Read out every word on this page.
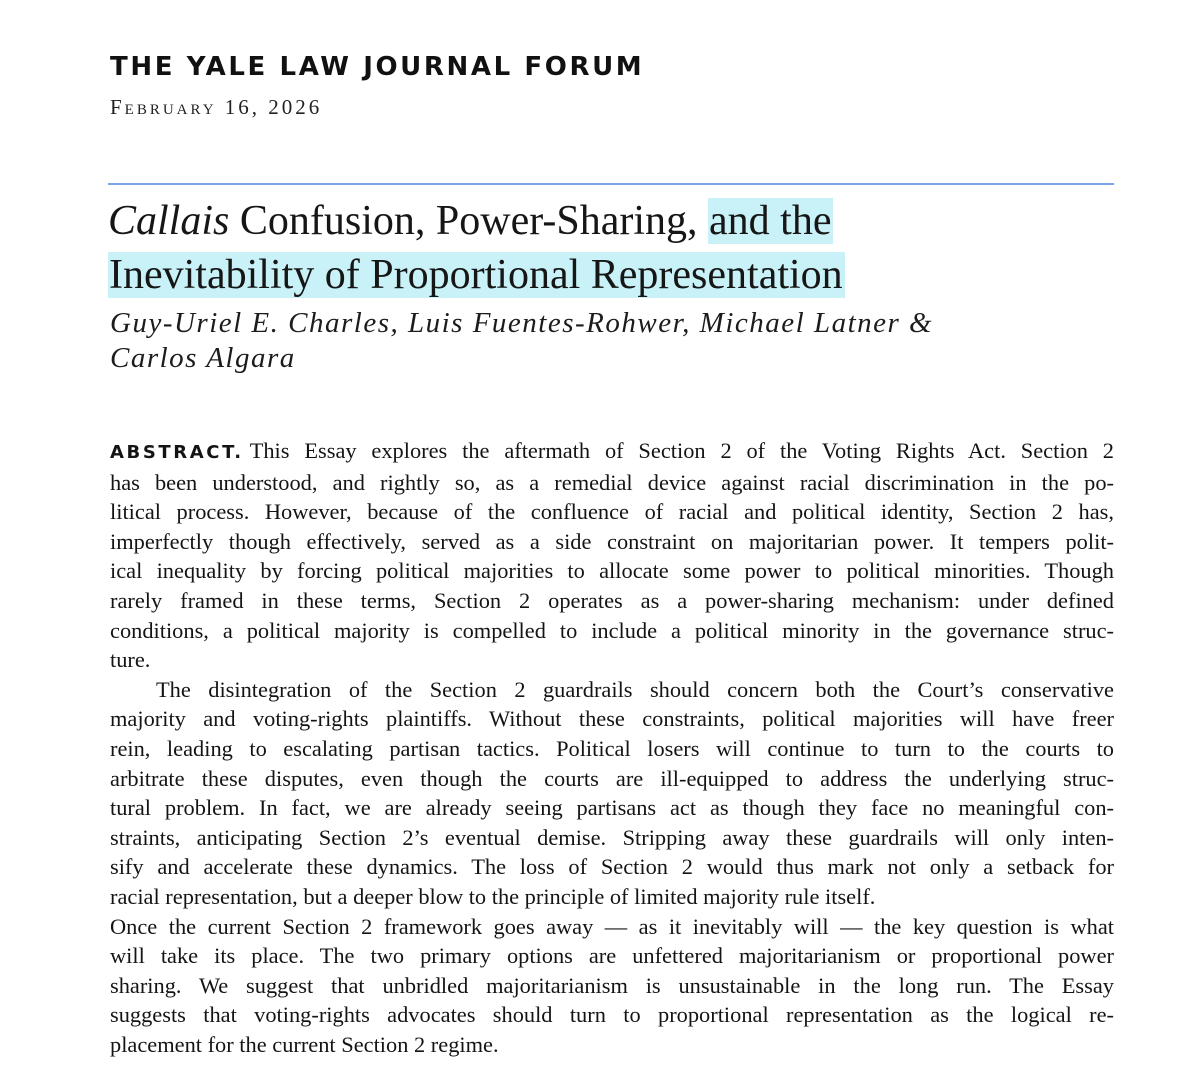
THE YALE LAW JOURNAL FORUM
February 16, 2026
Callais Confusion, Power-Sharing, and the
Inevitability of Proportional Representation
Guy-Uriel E. Charles, Luis Fuentes-Rohwer, Michael Latner &
Carlos Algara

ABSTRACT. This Essay explores the aftermath of Section 2 of the Voting Rights Act. Section 2
has been understood, and rightly so, as a remedial device against racial discrimination in the po-
litical process. However, because of the confluence of racial and political identity, Section 2 has,
imperfectly though effectively, served as a side constraint on majoritarian power. It tempers polit-
ical inequality by forcing political majorities to allocate some power to political minorities. Though
rarely framed in these terms, Section 2 operates as a power-sharing mechanism: under defined
conditions, a political majority is compelled to include a political minority in the governance struc-
ture.

The disintegration of the Section 2 guardrails should concern both the Court’s conservative
majority and voting-rights plaintiffs. Without these constraints, political majorities will have freer
rein, leading to escalating partisan tactics. Political losers will continue to turn to the courts to
arbitrate these disputes, even though the courts are ill-equipped to address the underlying struc-
tural problem. In fact, we are already seeing partisans act as though they face no meaningful con-
straints, anticipating Section 2’s eventual demise. Stripping away these guardrails will only inten-
sify and accelerate these dynamics. The loss of Section 2 would thus mark not only a setback for
racial representation, but a deeper blow to the principle of limited majority rule itself.

Once the current Section 2 framework goes away — as it inevitably will — the key question is what
will take its place. The two primary options are unfettered majoritarianism or proportional power
sharing. We suggest that unbridled majoritarianism is unsustainable in the long run. The Essay
suggests that voting-rights advocates should turn to proportional representation as the logical re-
placement for the current Section 2 regime.
